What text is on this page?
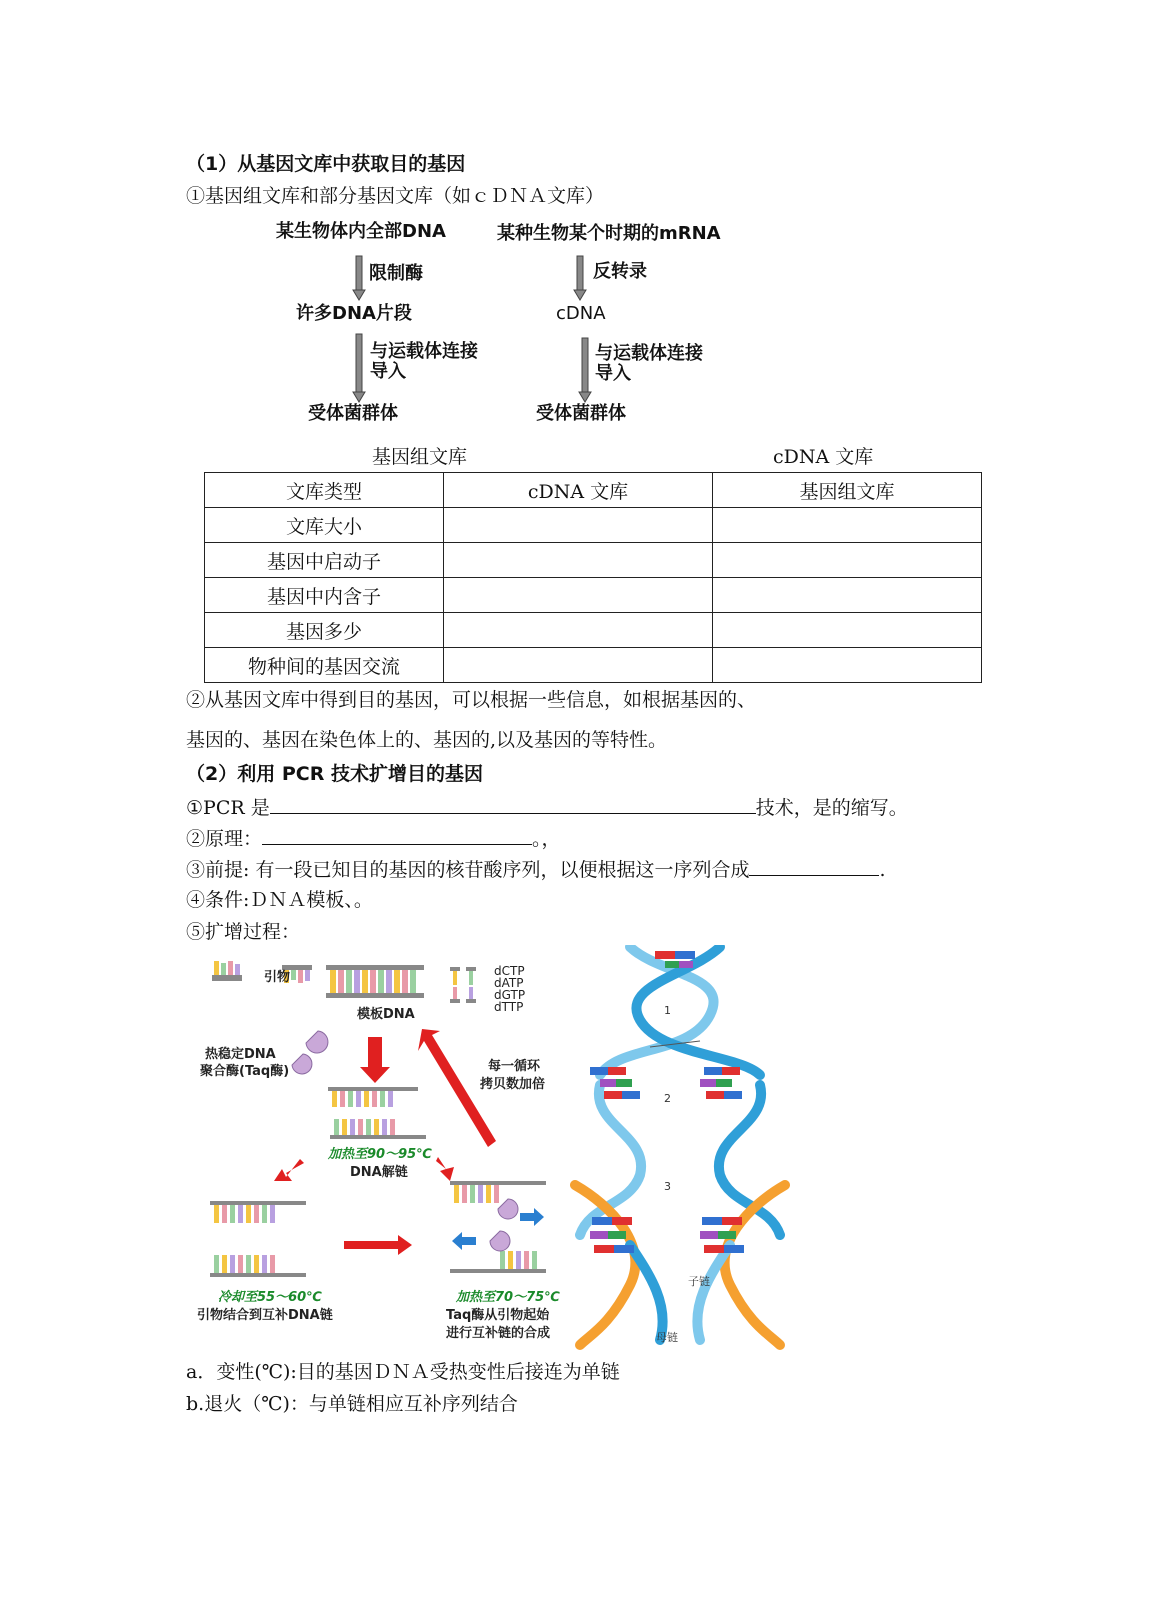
（1）从基因文库中获取目的基因
①基因组文库和部分基因文库（如ｃＤＮＡ文库）
某生物体内全部DNA	某种生物某个时期的mRNA
限制酶	反转录
许多DNA片段	cDNA
与运载体连接
导入
与运载体连接
导入
受体菌群体	受体菌群体
基因组文库	cDNA 文库
文库类型	cDNA 文库	基因组文库
文库大小		
基因中启动子		
基因中内含子		
基因多少		
物种间的基因交流		
②从基因文库中得到目的基因，可以根据一些信息，如根据基因的、
基因的、基因在染色体上的、基因的,以及基因的等特性。
（2）利用 PCR 技术扩增目的基因
①PCR 是	技术，是的缩写。
②原理：	。，
③前提: 有一段已知目的基因的核苷酸序列，以便根据这一序列合成	.
④条件:ＤＮＡ模板、。
⑤扩增过程：
引物
模板DNA
dCTP
dATP
dGTP
dTTP
热稳定DNA
聚合酶(Taq酶)	每一循环
拷贝数加倍
加热至90～95℃
DNA解链
冷却至55～60℃
引物结合到互补DNA链
加热至70～75℃
Taq酶从引物起始
进行互补链的合成
1
2
3
子链
母链
a．变性(℃):目的基因ＤＮＡ受热变性后接连为单链
b.退火（℃)：与单链相应互补序列结合
